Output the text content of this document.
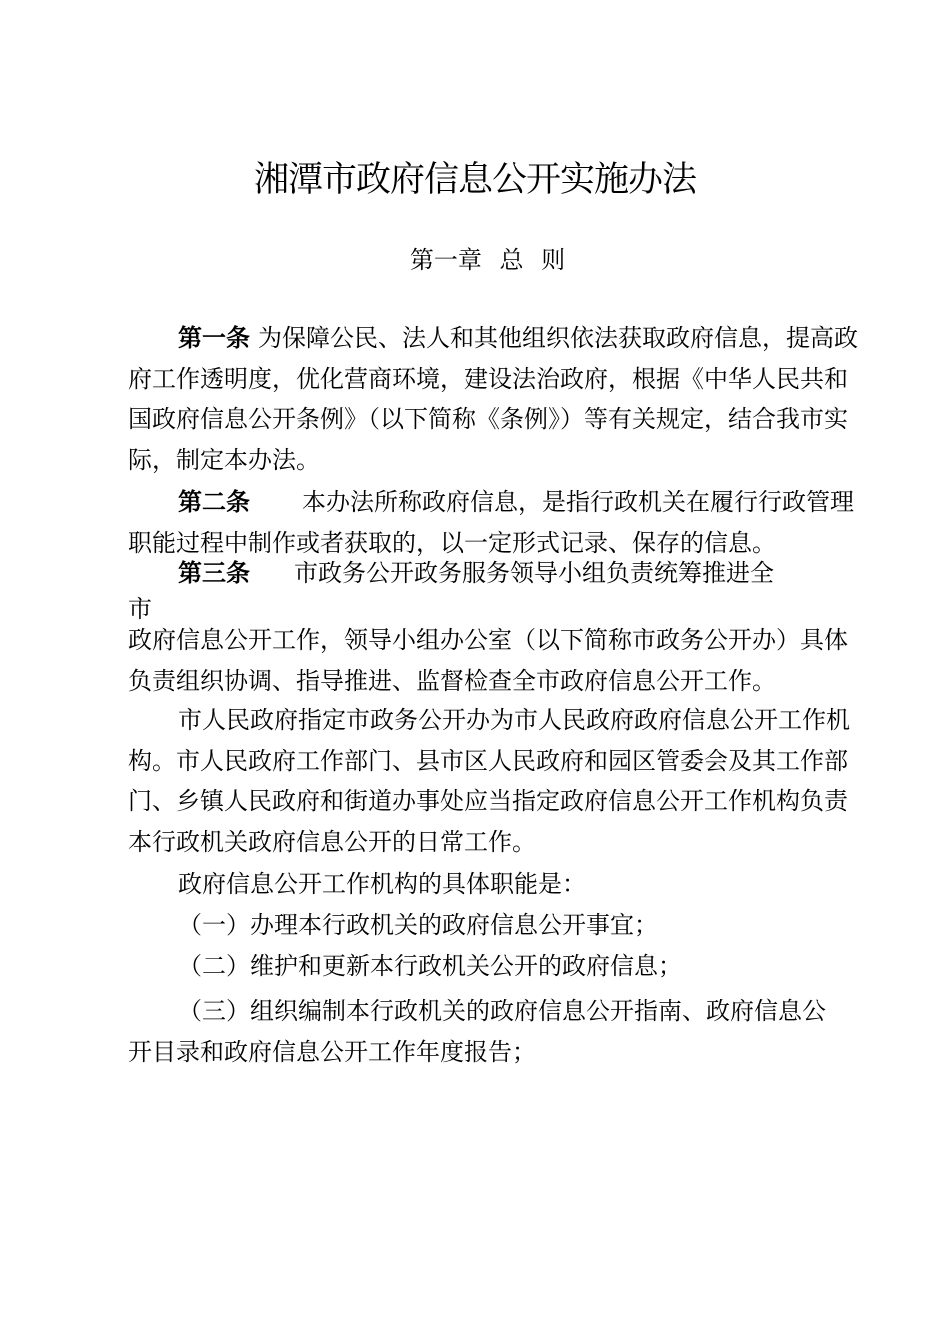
湘潭市政府信息公开实施办法
第一章 总 则

第一条 为保障公民、法人和其他组织依法获取政府信息，提高政府工作透明度，优化营商环境，建设法治政府，根据《中华人民共和国政府信息公开条例》（以下简称《条例》）等有关规定，结合我市实际，制定本办法。

第二条 本办法所称政府信息，是指行政机关在履行行政管理职能过程中制作或者获取的，以一定形式记录、保存的信息。

第三条 市政务公开政务服务领导小组负责统筹推进全市

政府信息公开工作，领导小组办公室（以下简称市政务公开办）具体负责组织协调、指导推进、监督检查全市政府信息公开工作。

市人民政府指定市政务公开办为市人民政府政府信息公开工作机构。市人民政府工作部门、县市区人民政府和园区管委会及其工作部门、乡镇人民政府和街道办事处应当指定政府信息公开工作机构负责本行政机关政府信息公开的日常工作。

政府信息公开工作机构的具体职能是：

（一）办理本行政机关的政府信息公开事宜；

（二）维护和更新本行政机关公开的政府信息；

（三）组织编制本行政机关的政府信息公开指南、政府信息公开目录和政府信息公开工作年度报告；
